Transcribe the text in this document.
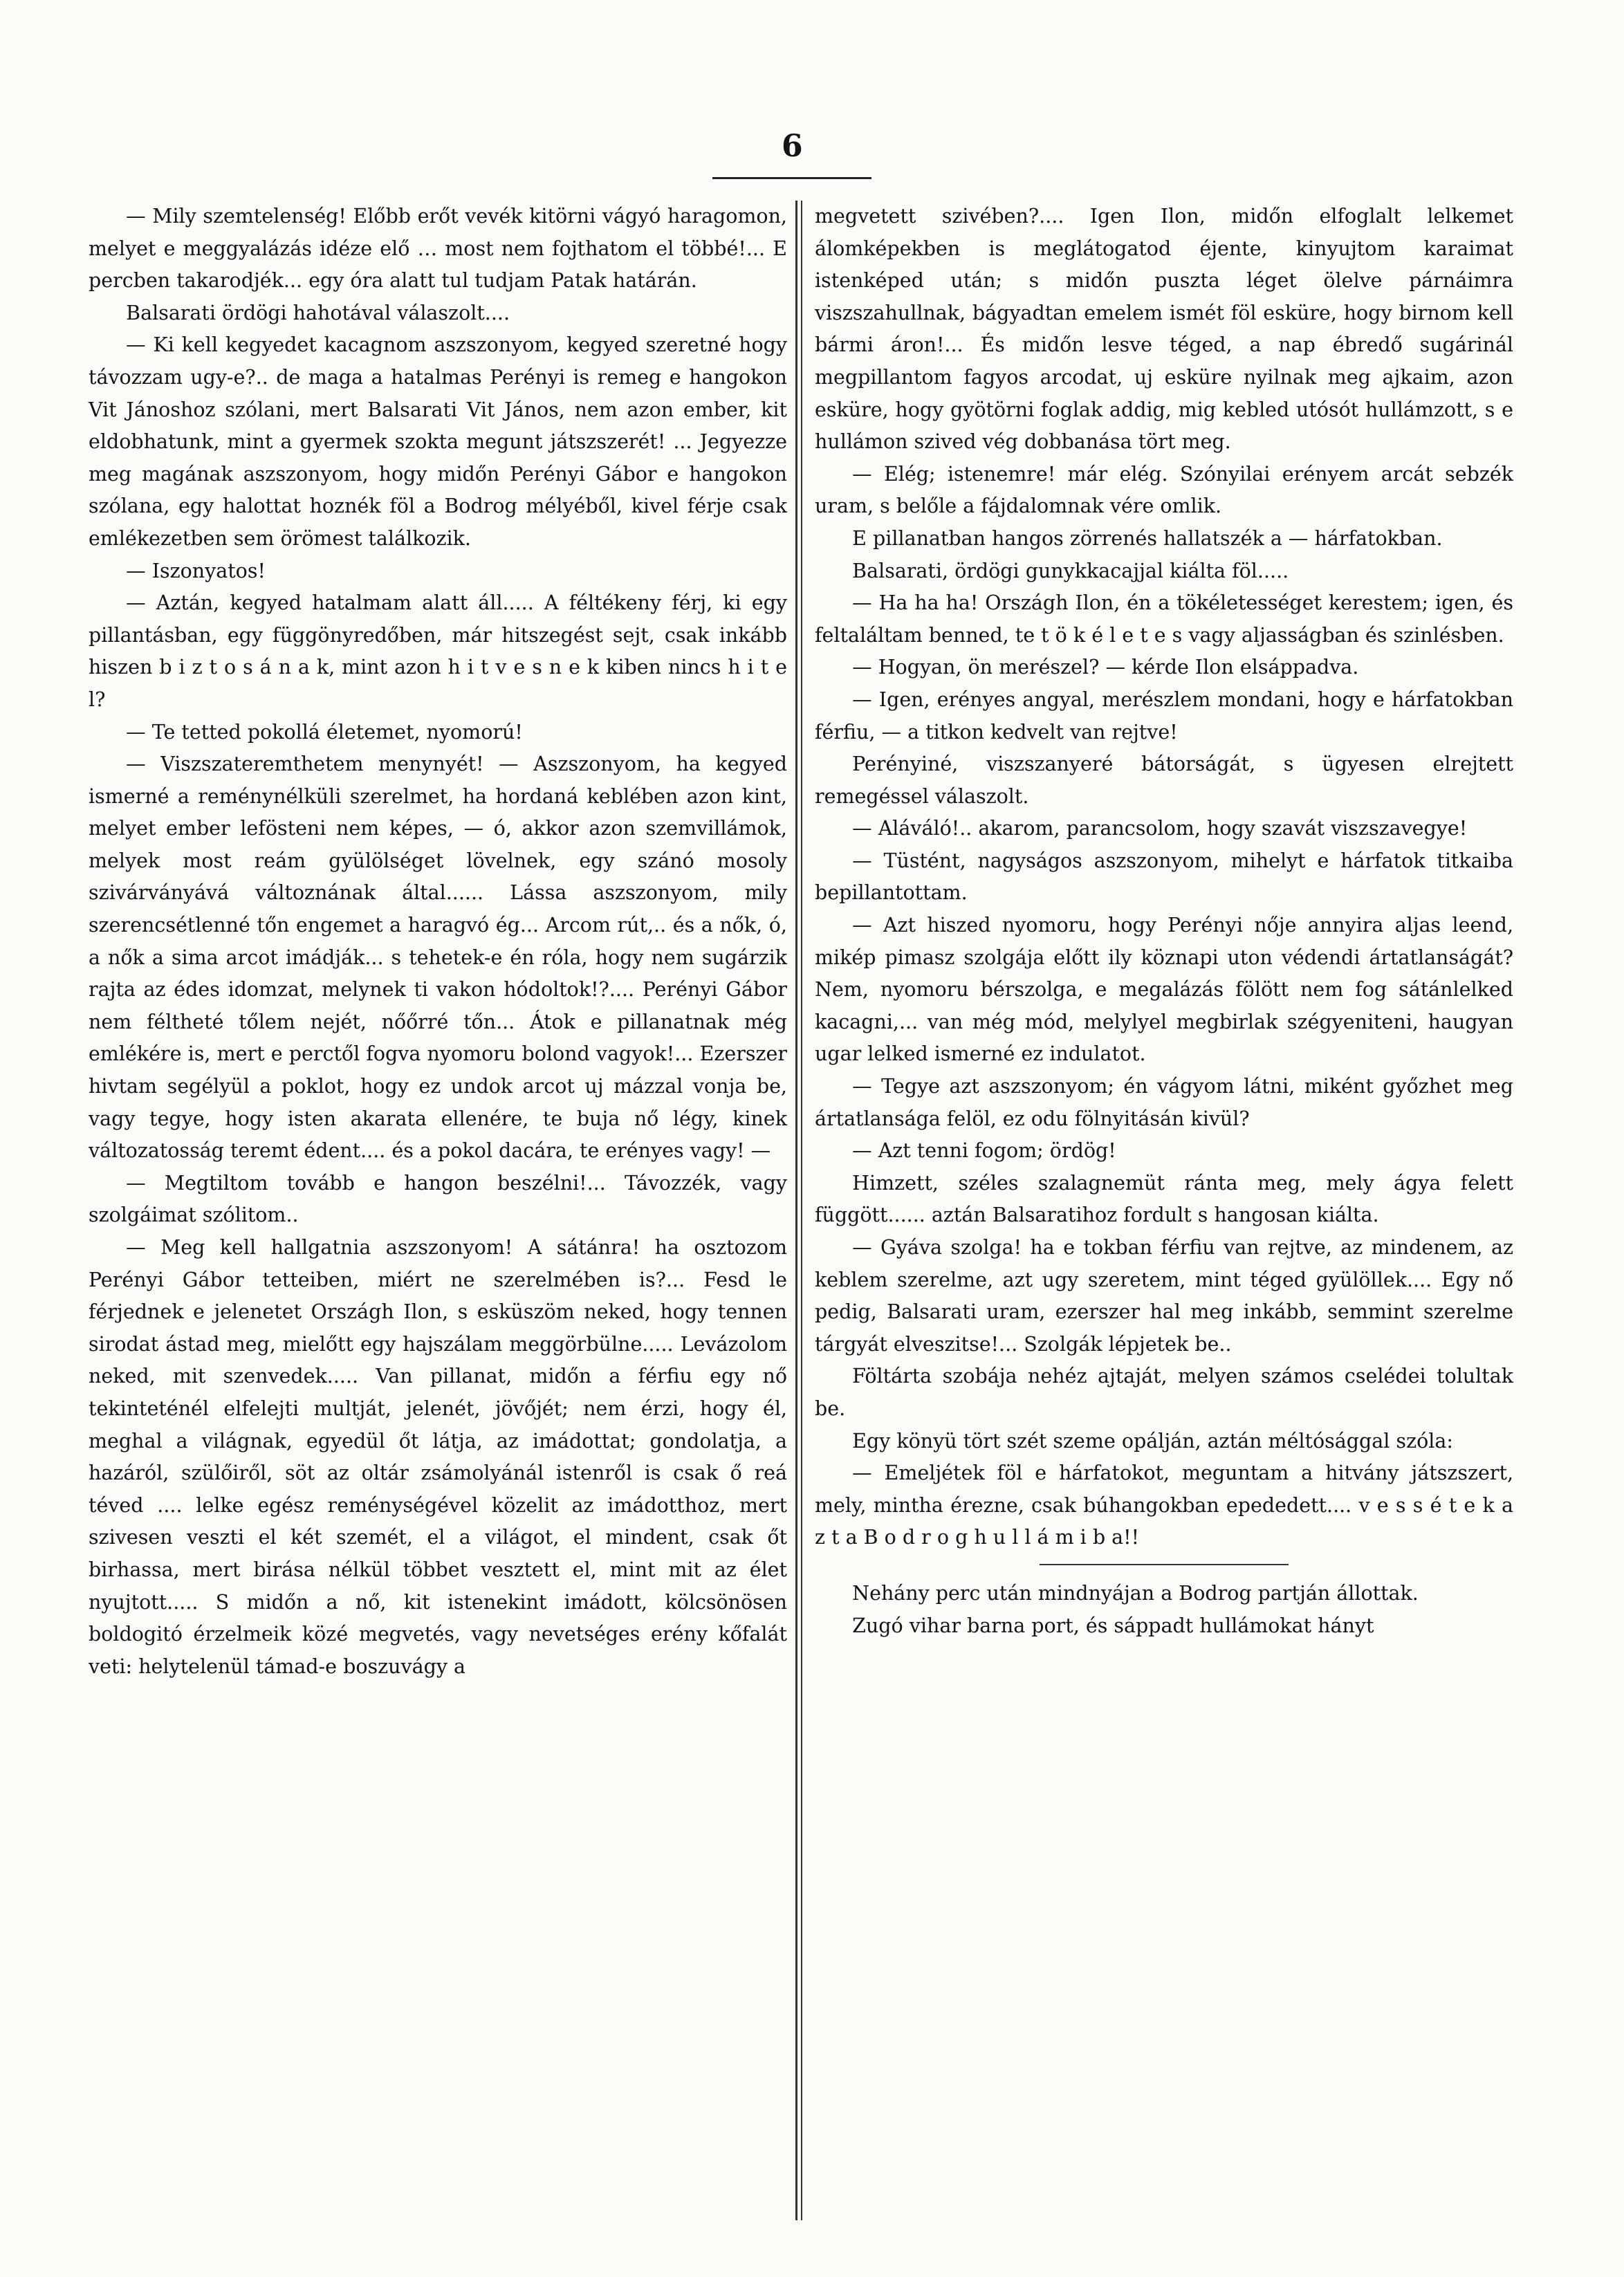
6

— Mily szemtelenség! Előbb erőt vevék kitörni vágyó haragomon, melyet e meggyalázás idéze elő … most nem fojthatom el többé!... E percben takarodjék... egy óra alatt tul tudjam Patak határán.

Balsarati ördögi hahotával válaszolt....

— Ki kell kegyedet kacagnom aszszonyom, kegyed szeretné hogy távozzam ugy-e?.. de maga a hatalmas Perényi is remeg e hangokon Vit Jánoshoz szólani, mert Balsarati Vit János, nem azon ember, kit eldobhatunk, mint a gyermek szokta megunt játszszerét! ... Jegyezze meg magának aszszonyom, hogy midőn Perényi Gábor e hangokon szólana, egy halottat hoznék föl a Bodrog mélyéből, kivel férje csak emlékezetben sem örömest találkozik.

— Iszonyatos!

— Aztán, kegyed hatalmam alatt áll..... A féltékeny férj, ki egy pillantásban, egy függönyredőben, már hitszegést sejt, csak inkább hiszen b i z t o s á n a k, mint azon h i t v e s n e k kiben nincs h i t e l?

— Te tetted pokollá életemet, nyomorú!

— Viszszateremthetem menynyét! — Aszszonyom, ha kegyed ismerné a reménynélküli szerelmet, ha hordaná keblében azon kint, melyet ember lefösteni nem képes, — ó, akkor azon szemvillámok, melyek most reám gyülölséget lövelnek, egy szánó mosoly szivárványává változnának által...... Lássa aszszonyom, mily szerencsétlenné tőn engemet a haragvó ég... Arcom rút,.. és a nők, ó, a nők a sima arcot imádják... s tehetek-e én róla, hogy nem sugárzik rajta az édes idomzat, melynek ti vakon hódoltok!?.... Perényi Gábor nem féltheté tőlem nejét, nőőrré tőn... Átok e pillanatnak még emlékére is, mert e perctől fogva nyomoru bolond vagyok!... Ezerszer hivtam segélyül a poklot, hogy ez undok arcot uj mázzal vonja be, vagy tegye, hogy isten akarata ellenére, te buja nő légy, kinek változatosság teremt édent.... és a pokol dacára, te erényes vagy! —

— Megtiltom tovább e hangon beszélni!... Távozzék, vagy szolgáimat szólitom..

— Meg kell hallgatnia aszszonyom! A sátánra! ha osztozom Perényi Gábor tetteiben, miért ne szerelmében is?... Fesd le férjednek e jelenetet Országh Ilon, s esküszöm neked, hogy tennen sirodat ástad meg, mielőtt egy hajszálam meggörbülne..... Levázolom neked, mit szenvedek..... Van pillanat, midőn a férfiu egy nő tekinteténél elfelejti multját, jelenét, jövőjét; nem érzi, hogy él, meghal a világnak, egyedül őt látja, az imádottat; gondolatja, a hazáról, szülőiről, söt az oltár zsámolyánál istenről is csak ő reá téved .... lelke egész reménységével közelit az imádotthoz, mert szivesen veszti el két szemét, el a világot, el mindent, csak őt birhassa, mert birása nélkül többet vesztett el, mint mit az élet nyujtott..... S midőn a nő, kit istenekint imádott, kölcsönösen boldogitó érzelmeik közé megvetés, vagy nevetséges erény kőfalát veti: helytelenül támad-e boszuvágy a

megvetett szivében?.... Igen Ilon, midőn elfoglalt lelkemet álomképekben is meglátogatod éjente, kinyujtom karaimat istenképed után; s midőn puszta léget ölelve párnáimra viszszahullnak, bágyadtan emelem ismét föl esküre, hogy birnom kell bármi áron!... És midőn lesve téged, a nap ébredő sugárinál megpillantom fagyos arcodat, uj esküre nyilnak meg ajkaim, azon esküre, hogy gyötörni foglak addig, mig kebled utósót hullámzott, s e hullámon szived vég dobbanása tört meg.

— Elég; istenemre! már elég. Szónyilai erényem arcát sebzék uram, s belőle a fájdalomnak vére omlik.

E pillanatban hangos zörrenés hallatszék a — hárfatokban.

Balsarati, ördögi gunykkacajjal kiálta föl.....

— Ha ha ha! Országh Ilon, én a tökéletességet kerestem; igen, és feltaláltam benned, te t ö k é l e t e s vagy aljasságban és szinlésben.

— Hogyan, ön merészel? — kérde Ilon elsáppadva.

— Igen, erényes angyal, merészlem mondani, hogy e hárfatokban férfiu, — a titkon kedvelt van rejtve!

Perényiné, viszszanyeré bátorságát, s ügyesen elrejtett remegéssel válaszolt.

— Aláváló!.. akarom, parancsolom, hogy szavát viszszavegye!

— Tüstént, nagyságos aszszonyom, mihelyt e hárfatok titkaiba bepillantottam.

— Azt hiszed nyomoru, hogy Perényi nője annyira aljas leend, mikép pimasz szolgája előtt ily köznapi uton védendi ártatlanságát? Nem, nyomoru bérszolga, e megalázás fölött nem fog sátánlelked kacagni,... van még mód, melylyel megbirlak szégyeniteni, haugyan ugar lelked ismerné ez indulatot.

— Tegye azt aszszonyom; én vágyom látni, miként győzhet meg ártatlansága felöl, ez odu fölnyitásán kivül?

— Azt tenni fogom; ördög!

Himzett, széles szalagnemüt ránta meg, mely ágya felett függött...... aztán Balsaratihoz fordult s hangosan kiálta.

— Gyáva szolga! ha e tokban férfiu van rejtve, az mindenem, az keblem szerelme, azt ugy szeretem, mint téged gyülöllek.... Egy nő pedig, Balsarati uram, ezerszer hal meg inkább, semmint szerelme tárgyát elveszitse!... Szolgák lépjetek be..

Föltárta szobája nehéz ajtaját, melyen számos cselédei tolultak be.

Egy könyü tört szét szeme opálján, aztán méltósággal szóla:

— Emeljétek föl e hárfatokot, meguntam a hitvány játszszert, mely, mintha érezne, csak búhangokban epededett.... v e s s é t e k a z t a B o d r o g h u l l á m i b a!!

Nehány perc után mindnyájan a Bodrog partján állottak.

Zugó vihar barna port, és sáppadt hullámokat hányt
